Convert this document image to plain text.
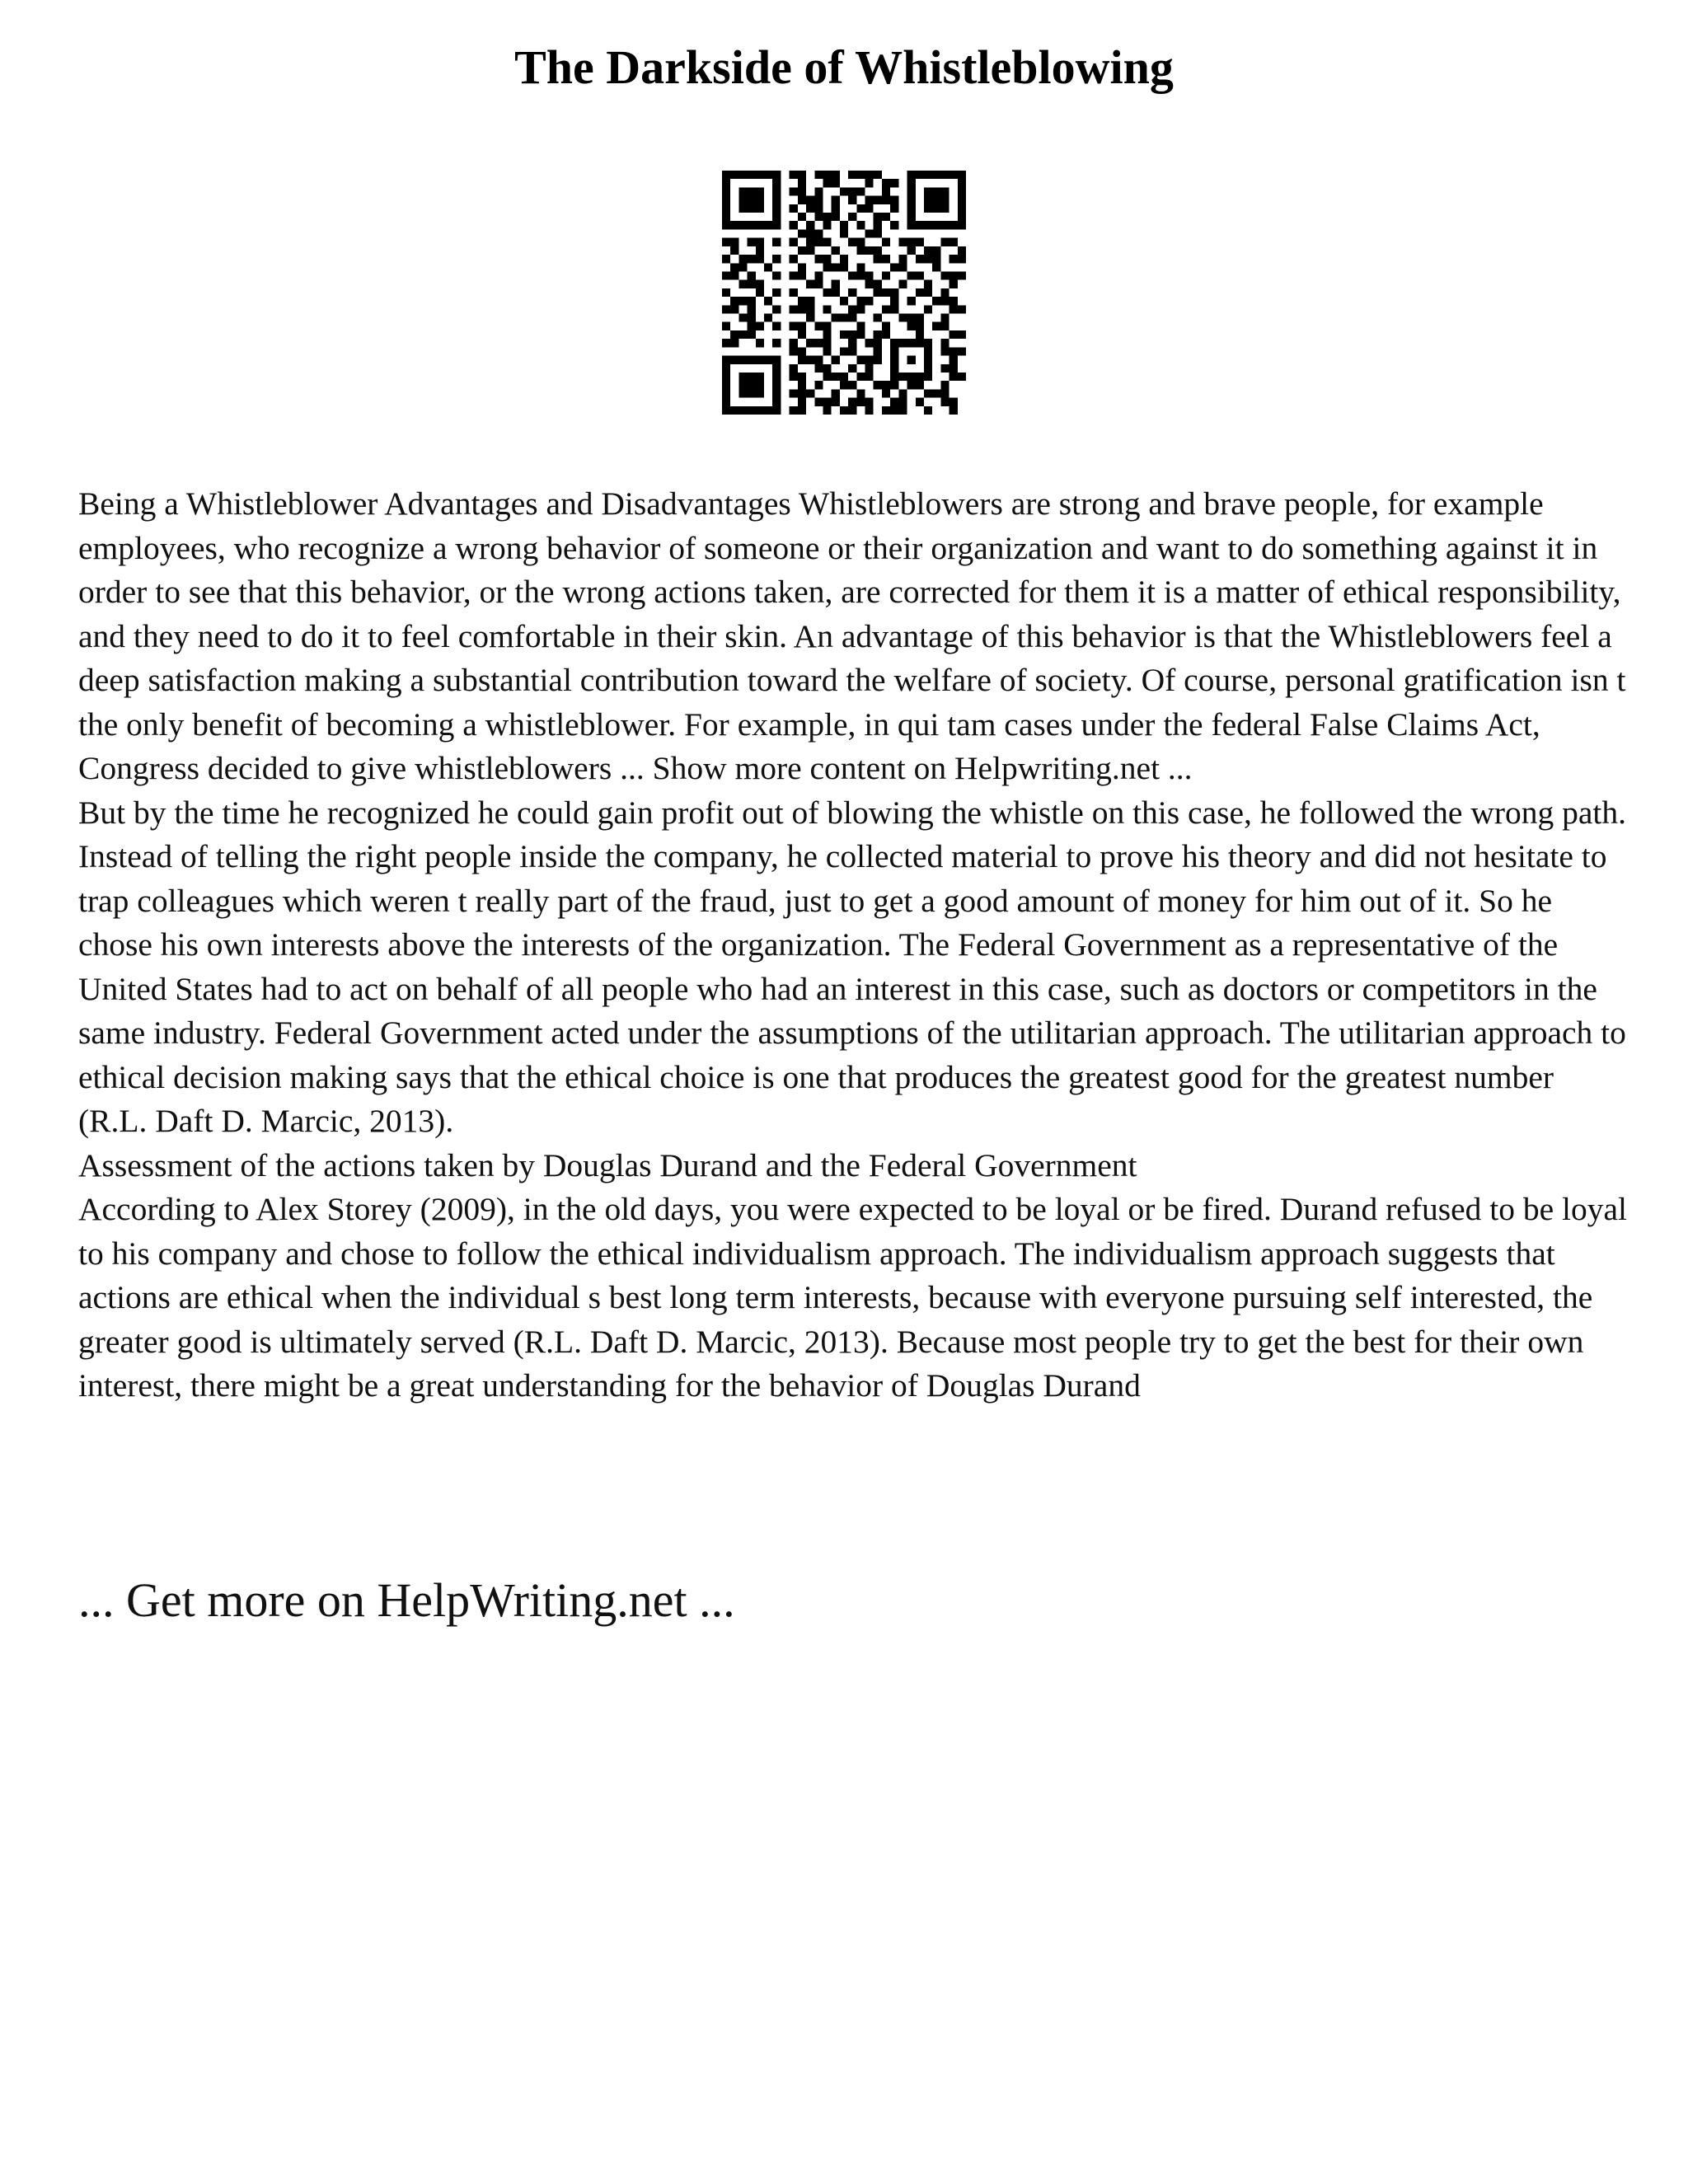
The Darkside of Whistleblowing

Being a Whistleblower Advantages and Disadvantages Whistleblowers are strong and brave people, for example employees, who recognize a wrong behavior of someone or their organization and want to do something against it in order to see that this behavior, or the wrong actions taken, are corrected for them it is a matter of ethical responsibility, and they need to do it to feel comfortable in their skin. An advantage of this behavior is that the Whistleblowers feel a deep satisfaction making a substantial contribution toward the welfare of society. Of course, personal gratification isn t the only benefit of becoming a whistleblower. For example, in qui tam cases under the federal False Claims Act, Congress decided to give whistleblowers ... Show more content on Helpwriting.net ...

But by the time he recognized he could gain profit out of blowing the whistle on this case, he followed the wrong path. Instead of telling the right people inside the company, he collected material to prove his theory and did not hesitate to trap colleagues which weren t really part of the fraud, just to get a good amount of money for him out of it. So he chose his own interests above the interests of the organization. The Federal Government as a representative of the United States had to act on behalf of all people who had an interest in this case, such as doctors or competitors in the same industry. Federal Government acted under the assumptions of the utilitarian approach. The utilitarian approach to ethical decision making says that the ethical choice is one that produces the greatest good for the greatest number (R.L. Daft D. Marcic, 2013).

Assessment of the actions taken by Douglas Durand and the Federal Government

According to Alex Storey (2009), in the old days, you were expected to be loyal or be fired. Durand refused to be loyal to his company and chose to follow the ethical individualism approach. The individualism approach suggests that actions are ethical when the individual s best long term interests, because with everyone pursuing self interested, the greater good is ultimately served (R.L. Daft D. Marcic, 2013). Because most people try to get the best for their own interest, there might be a great understanding for the behavior of Douglas Durand

... Get more on HelpWriting.net ...
